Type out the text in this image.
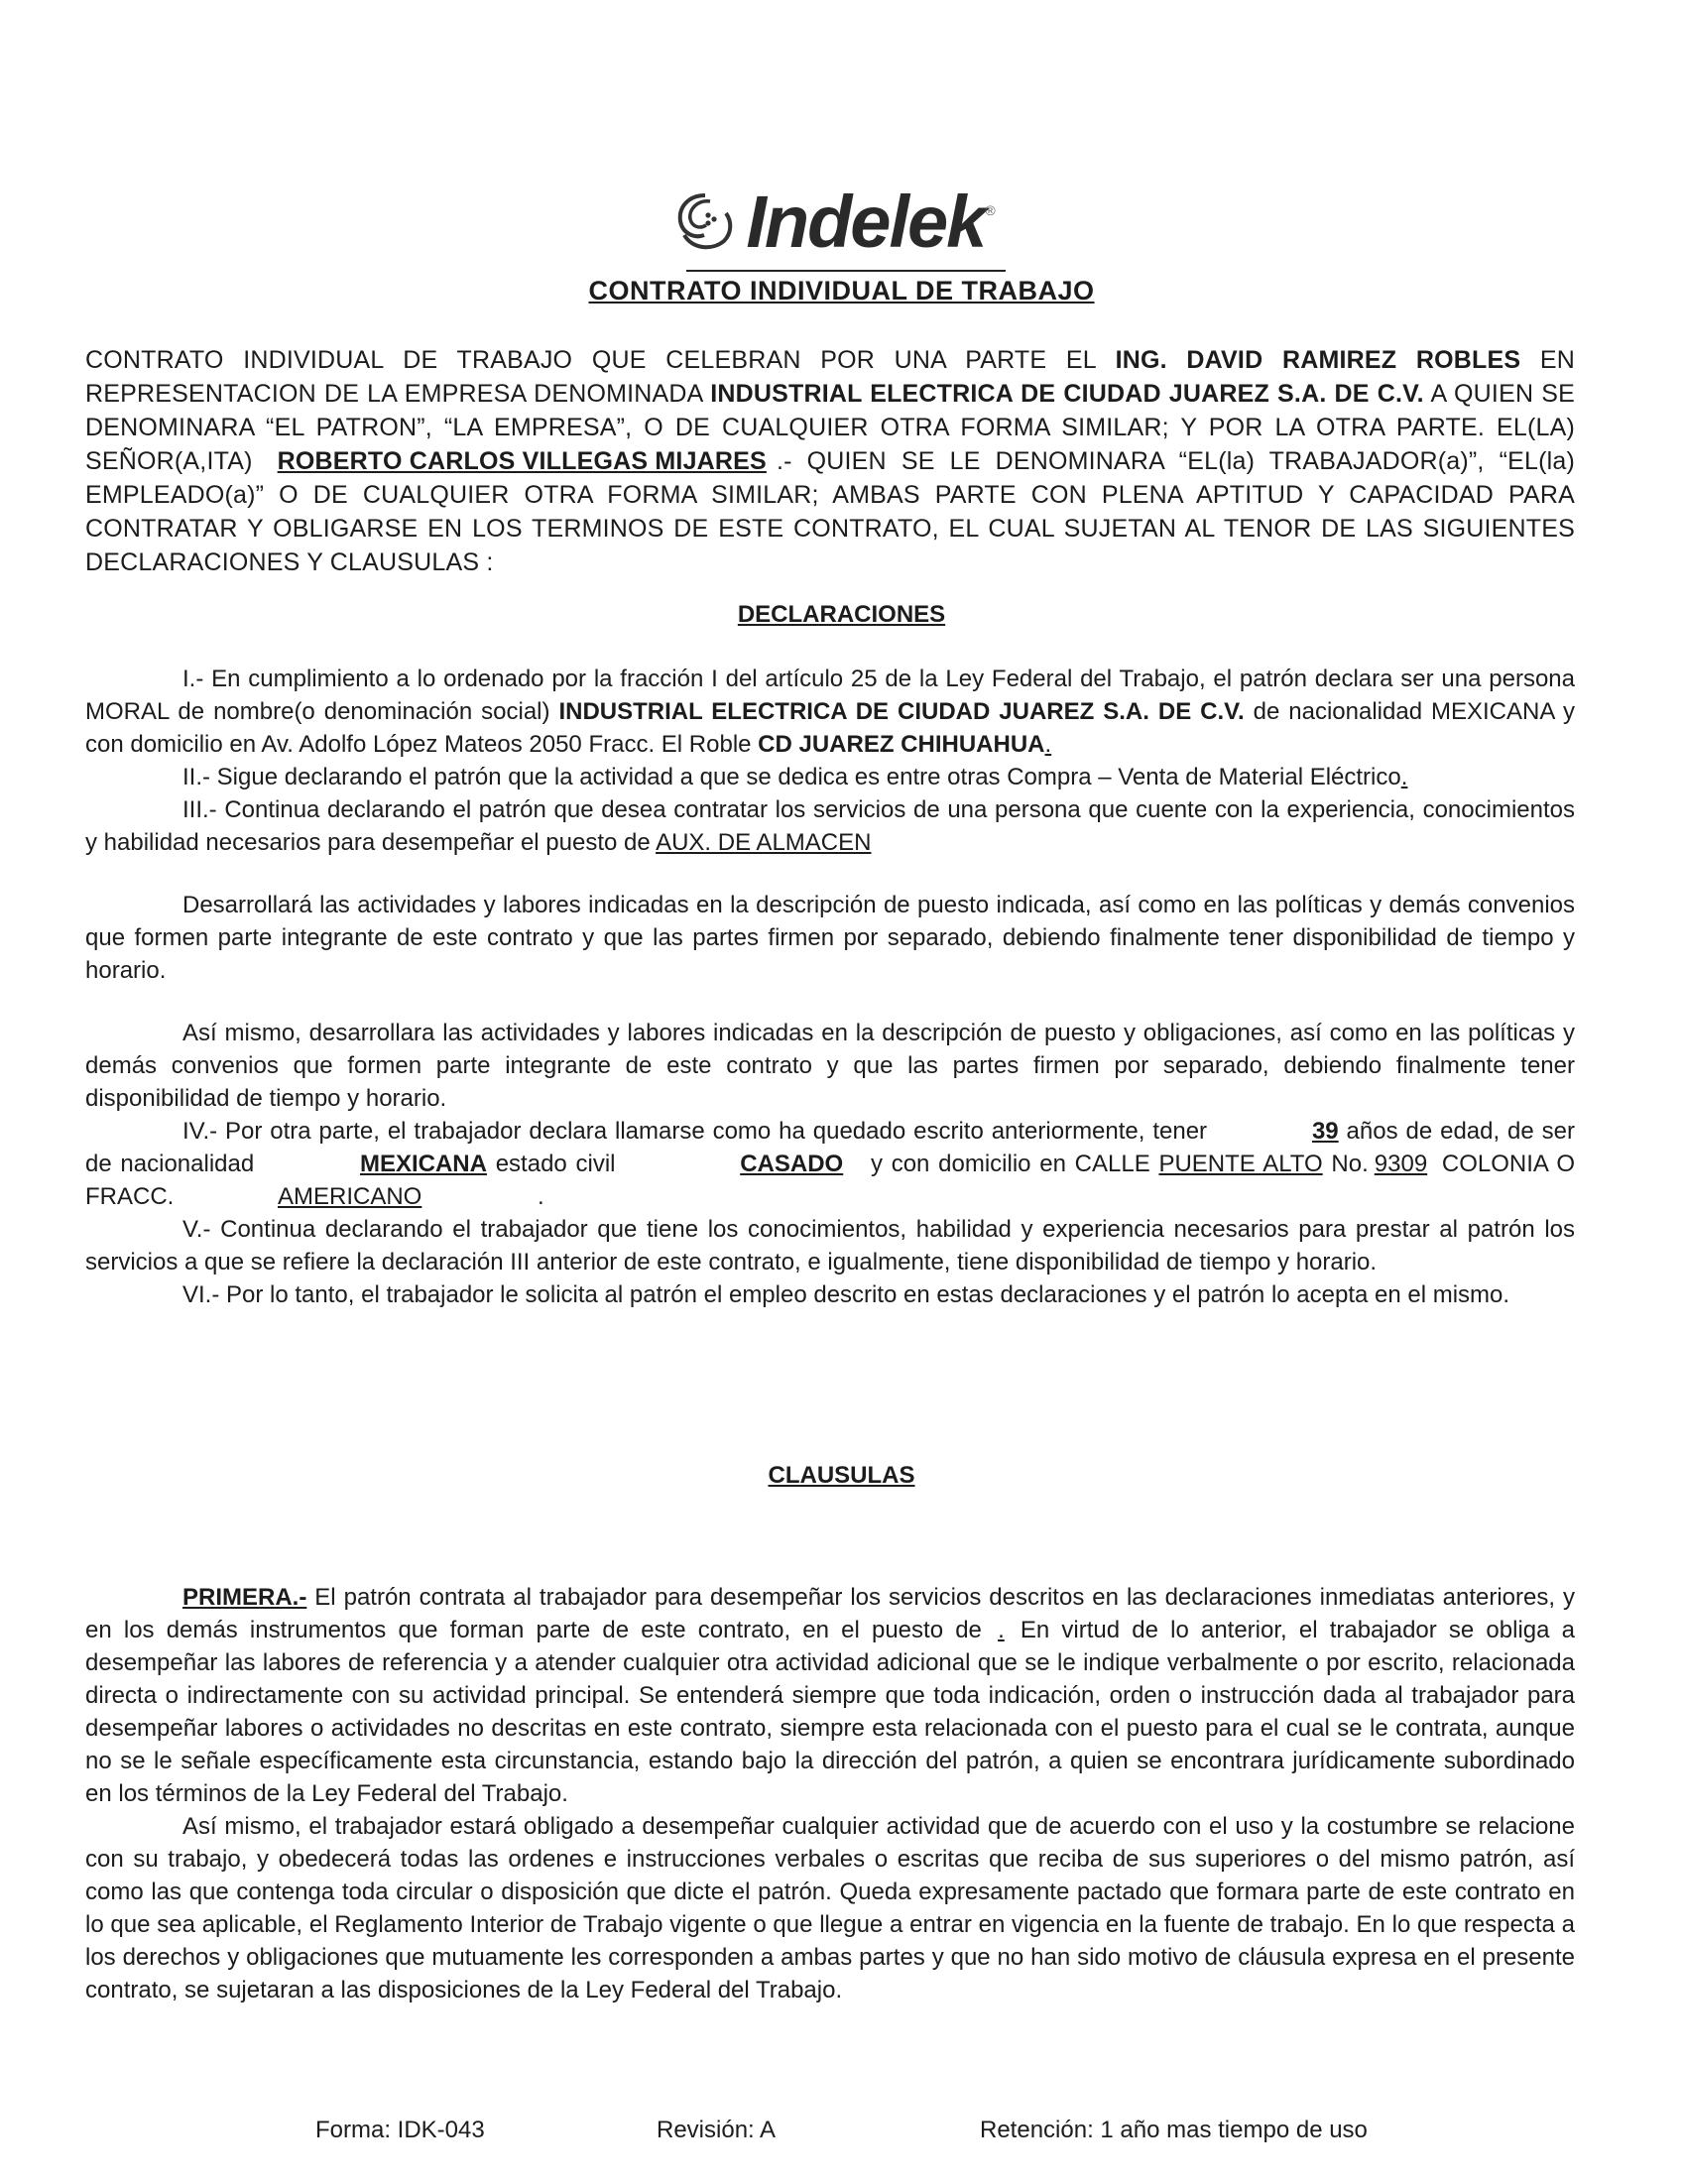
Indelek ®
CONTRATO INDIVIDUAL DE TRABAJO
CONTRATO INDIVIDUAL DE TRABAJO QUE CELEBRAN POR UNA PARTE EL ING. DAVID RAMIREZ ROBLES EN REPRESENTACION DE LA EMPRESA DENOMINADA INDUSTRIAL ELECTRICA DE CIUDAD JUAREZ S.A. DE C.V. A QUIEN SE DENOMINARA “EL PATRON”, “LA EMPRESA”, O DE CUALQUIER OTRA FORMA SIMILAR; Y POR LA OTRA PARTE. EL(LA) SEÑOR(A,ITA) ROBERTO CARLOS VILLEGAS MIJARES .- QUIEN SE LE DENOMINARA “EL(la) TRABAJADOR(a)”, “EL(la) EMPLEADO(a)” O DE CUALQUIER OTRA FORMA SIMILAR; AMBAS PARTE CON PLENA APTITUD Y CAPACIDAD PARA CONTRATAR Y OBLIGARSE EN LOS TERMINOS DE ESTE CONTRATO, EL CUAL SUJETAN AL TENOR DE LAS SIGUIENTES DECLARACIONES Y CLAUSULAS :
DECLARACIONES

I.- En cumplimiento a lo ordenado por la fracción I del artículo 25 de la Ley Federal del Trabajo, el patrón declara ser una persona MORAL de nombre(o denominación social) INDUSTRIAL ELECTRICA DE CIUDAD JUAREZ S.A. DE C.V. de nacionalidad MEXICANA y con domicilio en Av. Adolfo López Mateos 2050 Fracc. El Roble CD JUAREZ CHIHUAHUA.

II.- Sigue declarando el patrón que la actividad a que se dedica es entre otras Compra – Venta de Material Eléctrico.

III.- Continua declarando el patrón que desea contratar los servicios de una persona que cuente con la experiencia, conocimientos y habilidad necesarios para desempeñar el puesto de AUX. DE ALMACEN

Desarrollará las actividades y labores indicadas en la descripción de puesto indicada, así como en las políticas y demás convenios que formen parte integrante de este contrato y que las partes firmen por separado, debiendo finalmente tener disponibilidad de tiempo y horario.

Así mismo, desarrollara las actividades y labores indicadas en la descripción de puesto y obligaciones, así como en las políticas y demás convenios que formen parte integrante de este contrato y que las partes firmen por separado, debiendo finalmente tener disponibilidad de tiempo y horario.

IV.- Por otra parte, el trabajador declara llamarse como ha quedado escrito anteriormente, tener	39 años de edad, de ser de nacionalidad	MEXICANA estado civil	CASADO y con domicilio en CALLE PUENTE ALTO No. 9309 COLONIA O FRACC.	AMERICANO	.

V.- Continua declarando el trabajador que tiene los conocimientos, habilidad y experiencia necesarios para prestar al patrón los servicios a que se refiere la declaración III anterior de este contrato, e igualmente, tiene disponibilidad de tiempo y horario.

VI.- Por lo tanto, el trabajador le solicita al patrón el empleo descrito en estas declaraciones y el patrón lo acepta en el mismo.

CLAUSULAS

PRIMERA.- El patrón contrata al trabajador para desempeñar los servicios descritos en las declaraciones inmediatas anteriores, y en los demás instrumentos que forman parte de este contrato, en el puesto de . En virtud de lo anterior, el trabajador se obliga a desempeñar las labores de referencia y a atender cualquier otra actividad adicional que se le indique verbalmente o por escrito, relacionada directa o indirectamente con su actividad principal. Se entenderá siempre que toda indicación, orden o instrucción dada al trabajador para desempeñar labores o actividades no descritas en este contrato, siempre esta relacionada con el puesto para el cual se le contrata, aunque no se le señale específicamente esta circunstancia, estando bajo la dirección del patrón, a quien se encontrara jurídicamente subordinado en los términos de la Ley Federal del Trabajo.

Así mismo, el trabajador estará obligado a desempeñar cualquier actividad que de acuerdo con el uso y la costumbre se relacione con su trabajo, y obedecerá todas las ordenes e instrucciones verbales o escritas que reciba de sus superiores o del mismo patrón, así como las que contenga toda circular o disposición que dicte el patrón. Queda expresamente pactado que formara parte de este contrato en lo que sea aplicable, el Reglamento Interior de Trabajo vigente o que llegue a entrar en vigencia en la fuente de trabajo. En lo que respecta a los derechos y obligaciones que mutuamente les corresponden a ambas partes y que no han sido motivo de cláusula expresa en el presente contrato, se sujetaran a las disposiciones de la Ley Federal del Trabajo.

Forma: IDK-043	Revisión: A	Retención: 1 año mas tiempo de uso
